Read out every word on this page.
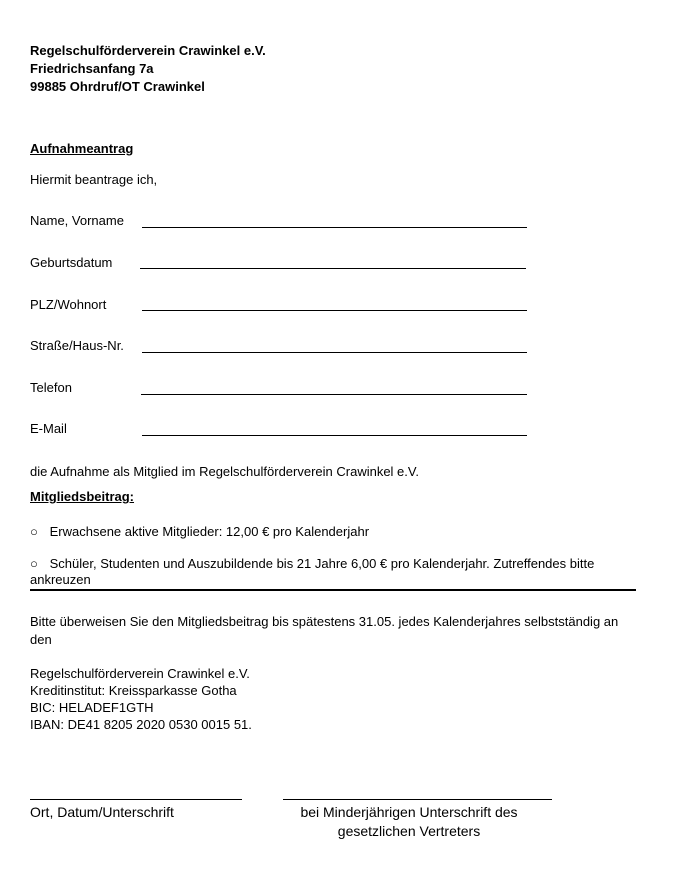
Regelschulförderverein Crawinkel e.V.
Friedrichsanfang 7a
99885 Ohrdruf/OT Crawinkel
Aufnahmeantrag
Hiermit beantrage ich,
Name, Vorname
Geburtsdatum
PLZ/Wohnort
Straße/Haus-Nr.
Telefon
E-Mail
die Aufnahme als Mitglied im Regelschulförderverein Crawinkel e.V.
Mitgliedsbeitrag:
○ Erwachsene aktive Mitglieder: 12,00 € pro Kalenderjahr
○ Schüler, Studenten und Auszubildende bis 21 Jahre 6,00 € pro Kalenderjahr. Zutreffendes bitte
ankreuzen
Bitte überweisen Sie den Mitgliedsbeitrag bis spätestens 31.05. jedes Kalenderjahres selbstständig an
den
Regelschulförderverein Crawinkel e.V.
Kreditinstitut: Kreissparkasse Gotha
BIC: HELADEF1GTH
IBAN: DE41 8205 2020 0530 0015 51.
Ort, Datum/Unterschrift	bei Minderjährigen Unterschrift des
gesetzlichen Vertreters
